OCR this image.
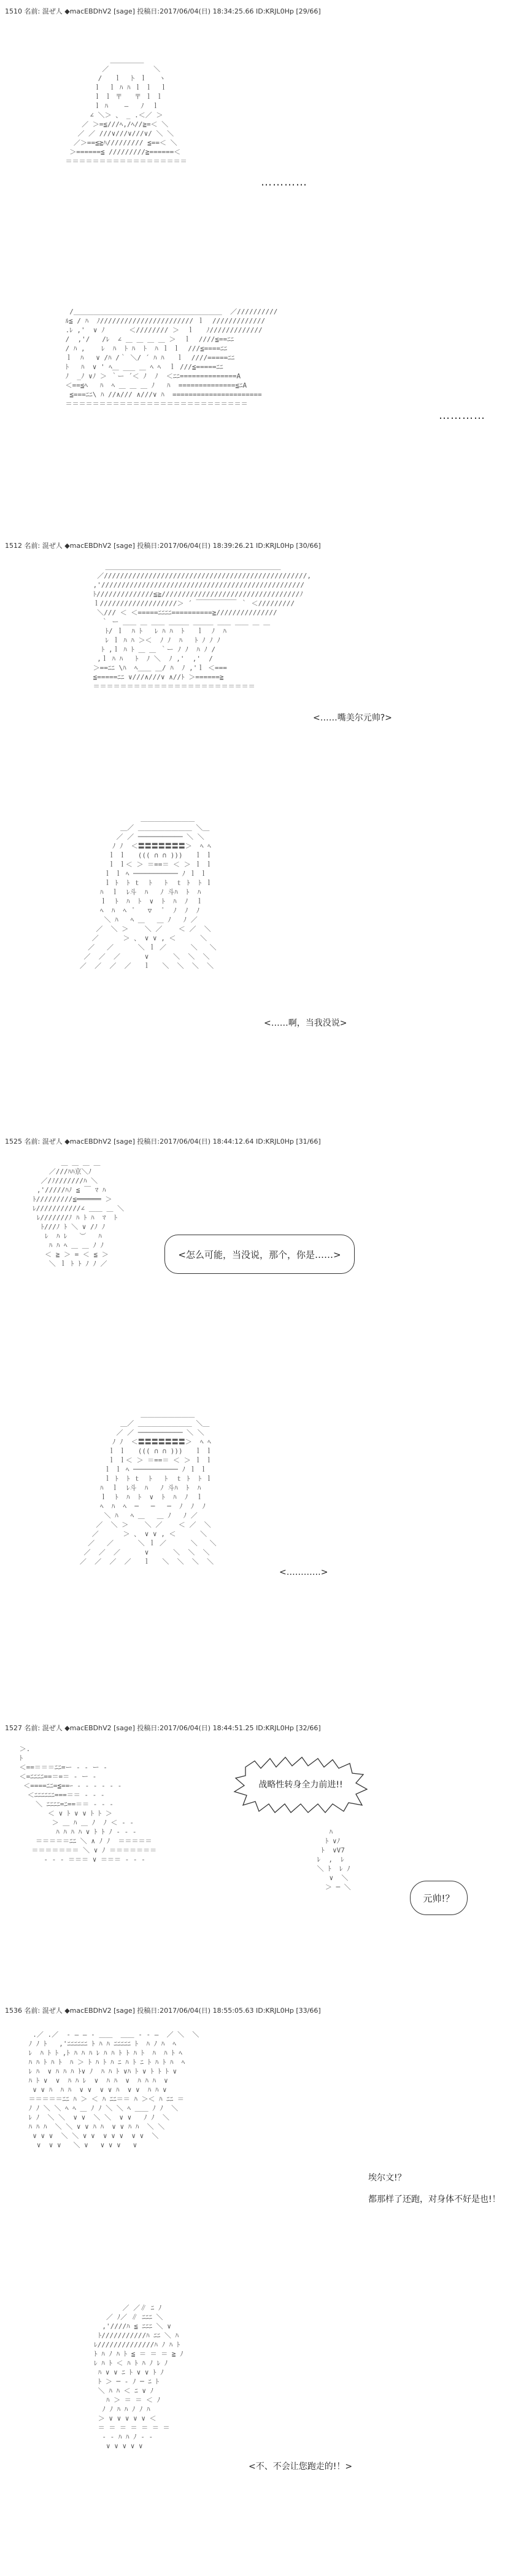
1510 名前: 混ぜ人 ◆macEBDhV2 [sage] 投稿日:2017/06/04(日) 18:34:25.66 ID:KRJL0Hp [29/66]
＿＿＿＿＿
／           ＼
/   ｌ  ト ｌ   ヽ
ｌ  ｌ ﾊ ﾊ ｌ ｌ  ｌ
ｌ ｌ 〒   〒 ｌ ｌ
ｌ ﾊ    ―   ﾉ  ｌ
∠ ＼＞ 、 _ .＜／ ＞
／ ＞=≦///ﾍ,/ﾍ//≧=＜ ＼
／ ／ ///∨///∨///∨/ ＼ ＼
／＞==≦≧ﾊ///////// ≦==＜ ＼
＞======≦ /////////≧======＜
＝＝＝＝＝＝＝＝＝＝＝＝＝＝＝＝＝＝
…………
/＿＿＿＿＿＿＿＿＿＿＿＿＿＿＿＿＿＿＿＿＿＿  ／//////////
ﾙ≦ / ﾊ  ﾉ/////////////////////// ｌ  /////////////
.ﾚ ,'  ∨ ﾉ      ＜//////// ＞  ｌ   ﾉ/////////////
/  ,'/   /ﾚ  ∠ ＿ ＿ ＿ ＿ ＞  ｌ  ////≦==ﾆﾆ
/ ﾊ ,    ﾚ  ﾊ  ﾄ ﾊ  ﾄ  ﾊ ｌ ｌ  ///≦====ﾆﾆ
ｌ  ﾊ   ∨ /ﾊ /｀ ＼/ ´ ﾊ ﾊ   ｌ  ////=====ﾆﾆ
ﾄ   ﾊ  ∨ ' ﾍ＿ ___ ＿ ﾍ ﾍ  ｌ ///≦=====ﾆﾆ
ﾉ  _ﾉ ∨ﾉ ＞ ｀ー ´＜ ﾉ  ﾉ  ＜ﾆﾆ==============A
＜==≦ﾍ   ﾊ  ﾍ ＿ ＿ ＿ ﾉ   ﾊ  ==============≦ﾆA
≦===ﾆﾆ\ ﾊ //∧/// ∧///∨ ﾊ  ======================
＝＝＝＝＝＝＝＝＝＝＝＝＝＝＝＝＝＝＝＝＝＝＝＝＝＝＝
…………
1512 名前: 混ぜ人 ◆macEBDhV2 [sage] 投稿日:2017/06/04(日) 18:39:26.21 ID:KRJL0Hp [30/66]
＿＿＿＿＿＿＿＿＿＿＿＿＿＿＿＿＿＿＿＿＿＿＿＿＿＿
／//////////////////////////////////////////////////,
,'//////////////////////////////////////////////////
ﾄ//////////////≦≧//////////////////////////////////ﾉ
ｌ///////////////////＞ ´ ￣￣￣￣￣￣ ｀ ＜/////////
＼/// ＜ ＜=====ﾆﾆﾆﾆ==========≧///////////////
｀ ー ＿＿ ＿ ＿＿ ＿＿＿ ＿＿＿ ＿＿ ＿＿ ＿ ＿
ﾄ/ ｌ  ﾊ ﾄ   ﾚ ﾊ ﾊ  ﾄ   ｌ  ﾉ  ﾊ
ﾚ ｌ ﾊ ﾊ ＞＜  ﾉ ﾉ  ﾊ   ﾄ ﾉ ﾉ ﾉ
ﾄ ,ｌ ﾊ ﾄ ＿ ＿ ｀ー ﾉ ﾉ  ﾊ ﾉ /
,ｌ ﾊ ﾊ   ﾄ  ﾉ ＼  ﾉ ,'  ,'  /
＞==ﾆﾆ \ﾊ  ﾍ＿＿ ＿/ ﾊ  ﾉ ,'ｌ ＜===
≦=====ﾆﾆ ∨///∧///∨ ∧//ﾄ ＞======≧
＝＝＝＝＝＝＝＝＝＝＝＝＝＝＝＝＝＝＝＝＝＝＝＝
<……嘴美尔元帅?>
＿＿＿＿＿＿＿＿
＿／ ＿＿＿＿＿＿＿＿ ＼＿
／ ／ ─────────── ＼ ＼
ﾉ ﾉ  ＜〓〓〓〓〓〓〓＞  ﾍ ﾍ
ｌ ｌ   ((( ∩ ∩ )))   ｌ ｌ
ｌ ｌ＜ ＞ ＝==＝ ＜ ＞ ｌ ｌ
ｌ ｌ ﾍ ─────────── ﾉ ｌ ｌ
ｌ ﾄ  ﾄ ｔ  ﾄ   ﾄ  ｔ ﾄ  ﾄ ｌ
ﾊ  ｌ  ﾚ斗  ﾊ   ﾉ 斗ﾊ  ﾄ  ﾊ
ｌ  ﾄ  ﾊ  ﾄ  ∨  ﾄ  ﾊ  ﾉ  ｌ
ﾍ  ﾊ  ﾍ  ﾟ   ▽   ﾟ  ﾉ  ﾉ  ﾉ
＼ ﾊ   ﾍ ＿   ＿ ﾉ   ﾉ ／
／  ＼ ＞    ＼ ／    ＜ ／  ＼
／      ＞ 、 ∨ ∨ , ＜      ＼
／   ／      ＼ ｌ ／      ＼   ＼
／  ／  ／      ∨      ＼  ＼  ＼
／  ／  ／  ／   ｌ   ＼  ＼  ＼  ＼
<……啊，当我没说>
1525 名前: 混ぜ人 ◆macEBDhV2 [sage] 投稿日:2017/06/04(日) 18:44:12.64 ID:KRJL0Hp [31/66]
＿ ＿ ＿ ＿
／///ﾊﾊ京＼ﾉ
／/ﾉ///////ﾊ ＼
,'/////ﾊﾉ ≦ ￣ ﾏ ﾊ
ﾄ/////////≦══════ ＞
ﾚ///////////∠ ＿＿ ＿ ＼
ﾚ///////ﾉ ﾊ ﾄ ﾊ  ﾏ  ﾄ
ﾄ///ﾉ ﾄ ＼ ∨ /ﾉ ﾉ
ﾚ  ﾊ ﾚ   ︶   ﾊ
ﾊ ﾊ ﾍ ＿ ＿ ﾉ ﾉ
＜ ≧ ＞ = ＜ ≦ ＞
＼ ｌ ﾄ ﾄ ﾉ ﾉ ／
<怎么可能，当没说，那个，你是……>
＿＿＿＿＿＿＿＿
＿／ ＿＿＿＿＿＿＿＿ ＼＿
／ ／ ─────────── ＼ ＼
ﾉ ﾉ  ＜〓〓〓〓〓〓〓＞  ﾍ ﾍ
ｌ ｌ   ((( ∩ ∩ )))   ｌ ｌ
ｌ ｌ＜ ＞ ＝==＝ ＜ ＞ ｌ ｌ
ｌ ｌ ﾍ ─────────── ﾉ ｌ ｌ
ｌ ﾄ  ﾄ ｔ  ﾄ   ﾄ  ｔ ﾄ  ﾄ ｌ
ﾊ  ｌ  ﾚ斗  ﾊ   ﾉ 斗ﾊ  ﾄ  ﾊ
ｌ  ﾄ  ﾊ  ﾄ  ∨  ﾄ  ﾊ  ﾉ  ｌ
ﾍ  ﾊ  ﾍ  ─   ─   ─  ﾉ  ﾉ  ﾉ
＼ ﾊ   ﾍ ＿   ＿ ﾉ   ﾉ ／
／  ＼ ＞    ＼ ／    ＜ ／  ＼
／      ＞ 、 ∨ ∨ , ＜      ＼
／   ／      ＼ ｌ ／      ＼   ＼
／  ／  ／      ∨      ＼  ＼  ＼
／  ／  ／  ／   ｌ   ＼  ＼  ＼  ＼
<…………>
1527 名前: 混ぜ人 ◆macEBDhV2 [sage] 投稿日:2017/06/04(日) 18:44:51.25 ID:KRJL0Hp [32/66]
＞.
ﾄ
＜==＝＝＝ﾆﾆ=ー ‐ ‐ ー ‐
＜=ﾆﾆﾆﾆ==＝=＝ ‐ ー ‐
＜====ﾆﾆ=≦==ｰ ‐ ‐ ‐ ‐ ‐ ‐
＜ﾆﾆﾆﾆﾆﾆ===＝＝ ‐ ‐ ‐
＼ ﾆﾆﾆﾆ=ﾆ==＝＝ ‐ ‐ ‐
＜ ∨ ﾄ ∨ ∨ ﾄ ﾄ ＞
＞ ＿ ﾊ ＿ ﾉ  ﾉ ＜ ‐ ‐
ﾊ ﾊ ﾊ ﾊ ∨ ﾄ ﾄ ﾉ ‐ ‐ ‐
＝＝＝＝＝ﾆﾆ ＼ ∧ ﾉ ﾉ  ＝＝＝＝＝
＝＝＝＝＝＝＝ ＼ ∨ ﾉ ＝＝＝＝＝＝＝
‐ ‐ ‐ ＝＝＝ ∨ ＝＝＝ ‐ ‐ ‐
战略性转身全力前进!!
ﾊ
ﾄ ∨ﾉ
ﾄ  ∨V7
ﾚ  ,  ﾚ
＼ ﾄ  ﾚ ﾉ
∨  ＼
＞ ─ ＼
元帅!？
1536 名前: 混ぜ人 ◆macEBDhV2 [sage] 投稿日:2017/06/04(日) 18:55:05.63 ID:KRJL0Hp [33/66]
.／ .／  ‐ ― ― ‐ ＿＿  ＿＿ ‐ ‐ ―  ／ ＼  ＼
ﾉ ﾉ ﾄ   ,'ﾆﾆﾆﾆﾆﾆ ﾄ ﾊ ﾊ ﾆﾆﾆﾆﾆ ﾄ  ﾊ ﾉ ﾊ  ﾍ
ﾚ  ﾊ ﾄ ﾄ ,ﾄ ﾊ ﾊ ﾊ ﾚ ﾊ ﾊ ﾄ ﾄ ﾊ ﾄ  ﾊ  ﾊ ﾄ ﾍ
ﾊ ﾊ ﾄ ﾊ ﾄ  ﾊ ＞ ﾄ ﾊ ﾄ ﾊ ﾆ ﾊ ﾄ ﾆ ﾄ ﾊ ﾄ ﾊ  ﾍ
ﾚ ﾊ  ∨ ﾊ ﾊ ﾊ ﾄ∨ ﾉ  ﾊ ﾊ ﾄ ∨ﾊ ﾄ ∨ ﾄ ﾄ ﾄ ∨
ﾊ ﾄ ∨  ∨  ﾊ ﾊ ﾚ  ∨  ﾊ ﾊ  ∨  ﾊ ﾊ ﾊ  ∨
∨ ∨ ﾊ  ﾊ ﾊ  ∨ ∨  ∨ ∨ ﾊ  ∨ ∨  ﾊ ﾊ ∨
＝＝＝＝＝ﾆﾆ ﾊ ＞ ＜ ﾊ ﾆﾆ＝＝ ﾊ ＞＜ ﾊ ﾆﾆ ＝
ﾉ ﾉ ＼ ＼ ﾍ ﾍ ＿ ﾉ ﾉ ＼ ＼ ﾍ ＿＿ ﾉ ﾉ  ＼
ﾚ ﾉ  ＼ ＼  ∨ ∨  ＼ ＼  ∨ ∨   ﾉ ﾉ  ＼
ﾊ ﾊ ﾊ  ＼ ＼ ∨ ∨ ﾊ ﾊ  ∨ ∨ ﾊ ﾊ  ＼ ＼
∨ ∨ ∨  ＼ ＼ ∨ ∨  ∨ ∨ ∨  ∨ ∨  ＼
∨  ∨ ∨   ＼ ∨   ∨ ∨ ∨   ∨
埃尔文!？
都那样了还跑，对身体不好是也!！
／ ／∥ ﾆ ﾉ
／ ﾉ／ ∥ ﾆﾆﾆ ＼
,'////ﾊ ≦ ﾆﾆﾆ ＼ ∨
ﾄ///////////ﾊ ﾆﾆ ＼ ﾊ
ﾚ//////////////ﾊ ﾉ ﾊ ﾄ
ﾄ ﾊ ﾉ ﾊ ﾄ ≦ ＝ ＝ ＝ ≧ ﾉ
ﾚ ﾊ ﾄ ＜ ﾊ ﾄ ﾊ ﾉ ﾚ ﾉ
ﾊ ∨ ∨ ﾆ ﾄ ∨ ∨ ﾄ ﾉ
ﾄ ＞ ─ ‐ ﾉ ─ ﾆ ﾄ
＼ ﾊ ﾊ ＜ ﾆ ∨ ﾉ
ﾊ ＞ ＝ ＝ ＜ ﾉ
ﾉ ﾉ ﾊ ﾊ ﾉ ﾉ ﾊ
＞ ∨ ∨ ∨ ∨ ∨ ＜
＝ ＝ ＝ ＝ ＝ ＝ ＝
‐ ‐ ﾊ ﾊ ﾉ ‐ ‐
∨ ∨ ∨ ∨ ∨
<不、不会让您跑走的!！>
